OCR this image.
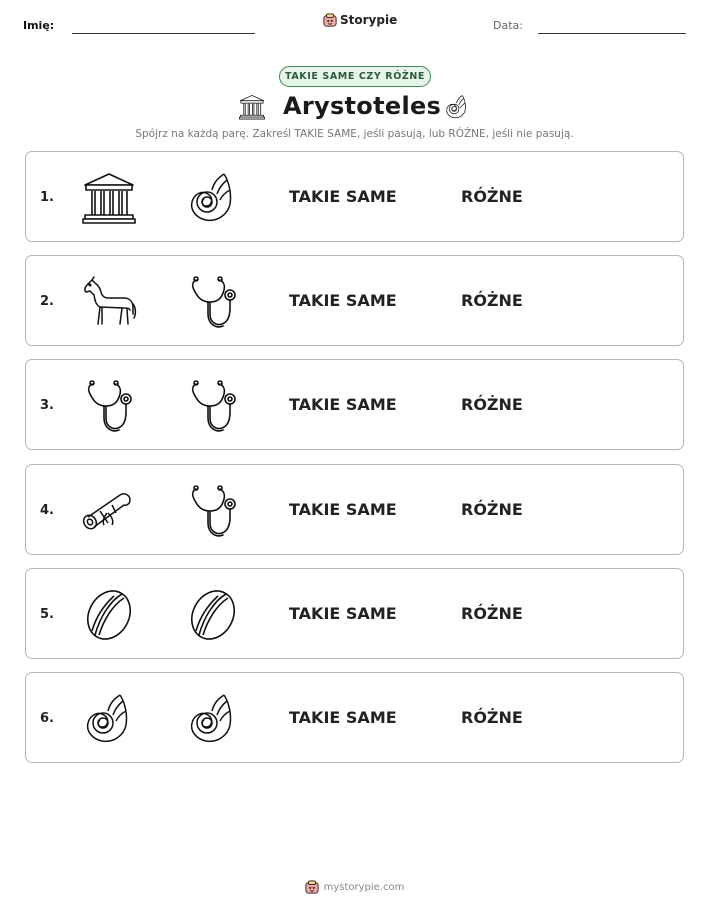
Imię:	Storypie	Data:
TAKIE SAME CZY RÓŻNE
Arystoteles
Spójrz na każdą parę. Zakreśl TAKIE SAME, jeśli pasują, lub RÓŻNE, jeśli nie pasują.
1.	TAKIE SAME	RÓŻNE
2.	TAKIE SAME	RÓŻNE
3.	TAKIE SAME	RÓŻNE
4.	TAKIE SAME	RÓŻNE
5.	TAKIE SAME	RÓŻNE
6.	TAKIE SAME	RÓŻNE
mystorypie.com
